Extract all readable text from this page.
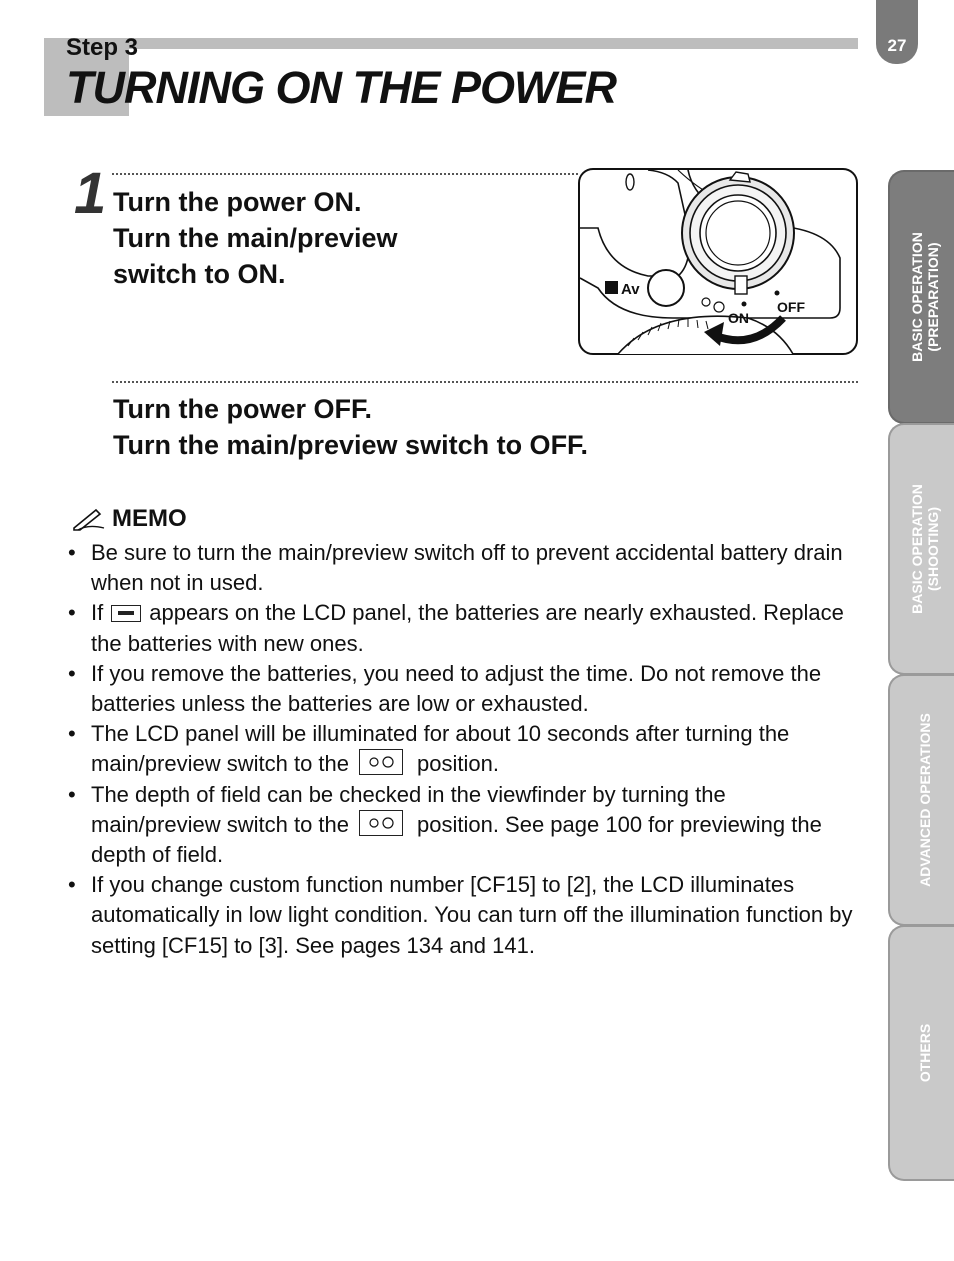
Step 3
TURNING ON THE POWER
27
1 Turn the power ON.
Turn the main/preview
switch to ON.
Av
ON
OFF
Turn the power OFF.
Turn the main/preview switch to OFF.
MEMO
• Be sure to turn the main/preview switch off to prevent accidental battery drain when not in used.
• If appears on the LCD panel, the batteries are nearly exhausted. Replace the batteries with new ones.
• If you remove the batteries, you need to adjust the time. Do not remove the batteries unless the batteries are low or exhausted.
• The LCD panel will be illuminated for about 10 seconds after turning the main/preview switch to the	position.
• The depth of field can be checked in the viewfinder by turning the main/preview switch to the	position. See page 100 for previewing the depth of field.
• If you change custom function number [CF15] to [2], the LCD illuminates automatically in low light condition. You can turn off the illumination function by setting [CF15] to [3]. See pages 134 and 141.
BASIC OPERATION
(PREPARATION)
BASIC OPERATION
(SHOOTING)
ADVANCED OPERATIONS
OTHERS
